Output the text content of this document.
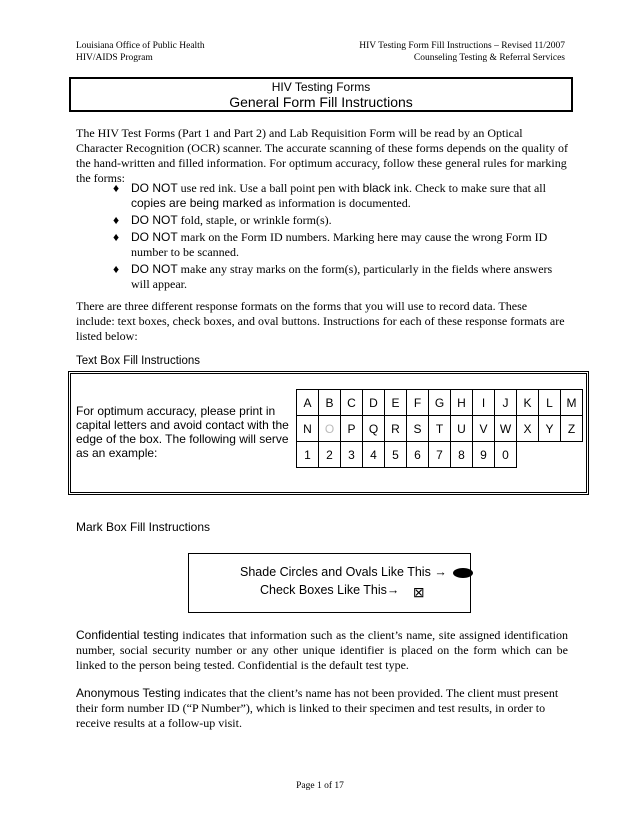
Louisiana Office of Public Health
HIV/AIDS Program
HIV Testing Form Fill Instructions – Revised 11/2007
Counseling Testing & Referral Services
HIV Testing Forms
General Form Fill Instructions
The HIV Test Forms (Part 1 and Part 2) and Lab Requisition Form will be read by an Optical Character Recognition (OCR) scanner. The accurate scanning of these forms depends on the quality of the hand-written and filled information. For optimum accuracy, follow these general rules for marking the forms:
♦ DO NOT use red ink. Use a ball point pen with black ink. Check to make sure that all copies are being marked as information is documented.
♦ DO NOT fold, staple, or wrinkle form(s).
♦ DO NOT mark on the Form ID numbers. Marking here may cause the wrong Form ID number to be scanned.
♦ DO NOT make any stray marks on the form(s), particularly in the fields where answers will appear.
There are three different response formats on the forms that you will use to record data. These include: text boxes, check boxes, and oval buttons. Instructions for each of these response formats are listed below:
Text Box Fill Instructions
For optimum accuracy, please print in capital letters and avoid contact with the edge of the box. The following will serve as an example:
A	B	C	D	E	F	G	H	I	J	K	L	M
N	O	P	Q	R	S	T	U	V	W	X	Y	Z
1	2	3	4	5	6	7	8	9	0			
Mark Box Fill Instructions
Shade Circles and Ovals Like This →
Check Boxes Like This→ ⊠
Confidential testing indicates that information such as the client’s name, site assigned identification number, social security number or any other unique identifier is placed on the form which can be linked to the person being tested. Confidential is the default test type.
Anonymous Testing indicates that the client’s name has not been provided. The client must present their form number ID (“P Number”), which is linked to their specimen and test results, in order to receive results at a follow-up visit.
Page 1 of 17
